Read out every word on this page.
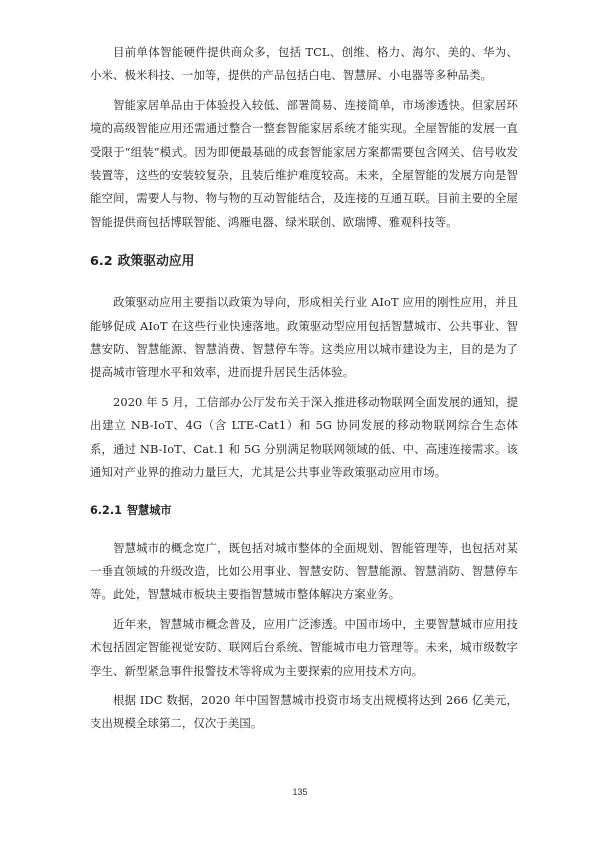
目前单体智能硬件提供商众多，包括 TCL、创维、格力、海尔、美的、华为、小米、极米科技、一加等，提供的产品包括白电、智慧屏、小电器等多种品类。

智能家居单品由于体验投入较低、部署简易、连接简单，市场渗透快。但家居环境的高级智能应用还需通过整合一整套智能家居系统才能实现。全屋智能的发展一直受限于“组装”模式。因为即便最基础的成套智能家居方案都需要包含网关、信号收发装置等，这些的安装较复杂，且装后维护难度较高。未来，全屋智能的发展方向是智能空间，需要人与物、物与物的互动智能结合，及连接的互通互联。目前主要的全屋智能提供商包括博联智能、鸿雁电器、绿米联创、欧瑞博、雅观科技等。

6.2 政策驱动应用

政策驱动应用主要指以政策为导向，形成相关行业 AIoT 应用的刚性应用，并且能够促成 AIoT 在这些行业快速落地。政策驱动型应用包括智慧城市、公共事业、智慧安防、智慧能源、智慧消费、智慧停车等。这类应用以城市建设为主，目的是为了提高城市管理水平和效率，进而提升居民生活体验。

2020 年 5 月，工信部办公厅发布关于深入推进移动物联网全面发展的通知，提出建立 NB-IoT、4G（含 LTE-Cat1）和 5G 协同发展的移动物联网综合生态体系，通过 NB-IoT、Cat.1 和 5G 分别满足物联网领域的低、中、高速连接需求。该通知对产业界的推动力量巨大，尤其是公共事业等政策驱动应用市场。

6.2.1 智慧城市

智慧城市的概念宽广，既包括对城市整体的全面规划、智能管理等，也包括对某一垂直领域的升级改造，比如公用事业、智慧安防、智慧能源、智慧消防、智慧停车等。此处，智慧城市板块主要指智慧城市整体解决方案业务。

近年来，智慧城市概念普及，应用广泛渗透。中国市场中，主要智慧城市应用技术包括固定智能视觉安防、联网后台系统、智能城市电力管理等。未来，城市级数字孪生、新型紧急事件报警技术等将成为主要探索的应用技术方向。

根据 IDC 数据，2020 年中国智慧城市投资市场支出规模将达到 266 亿美元，支出规模全球第二，仅次于美国。

135
